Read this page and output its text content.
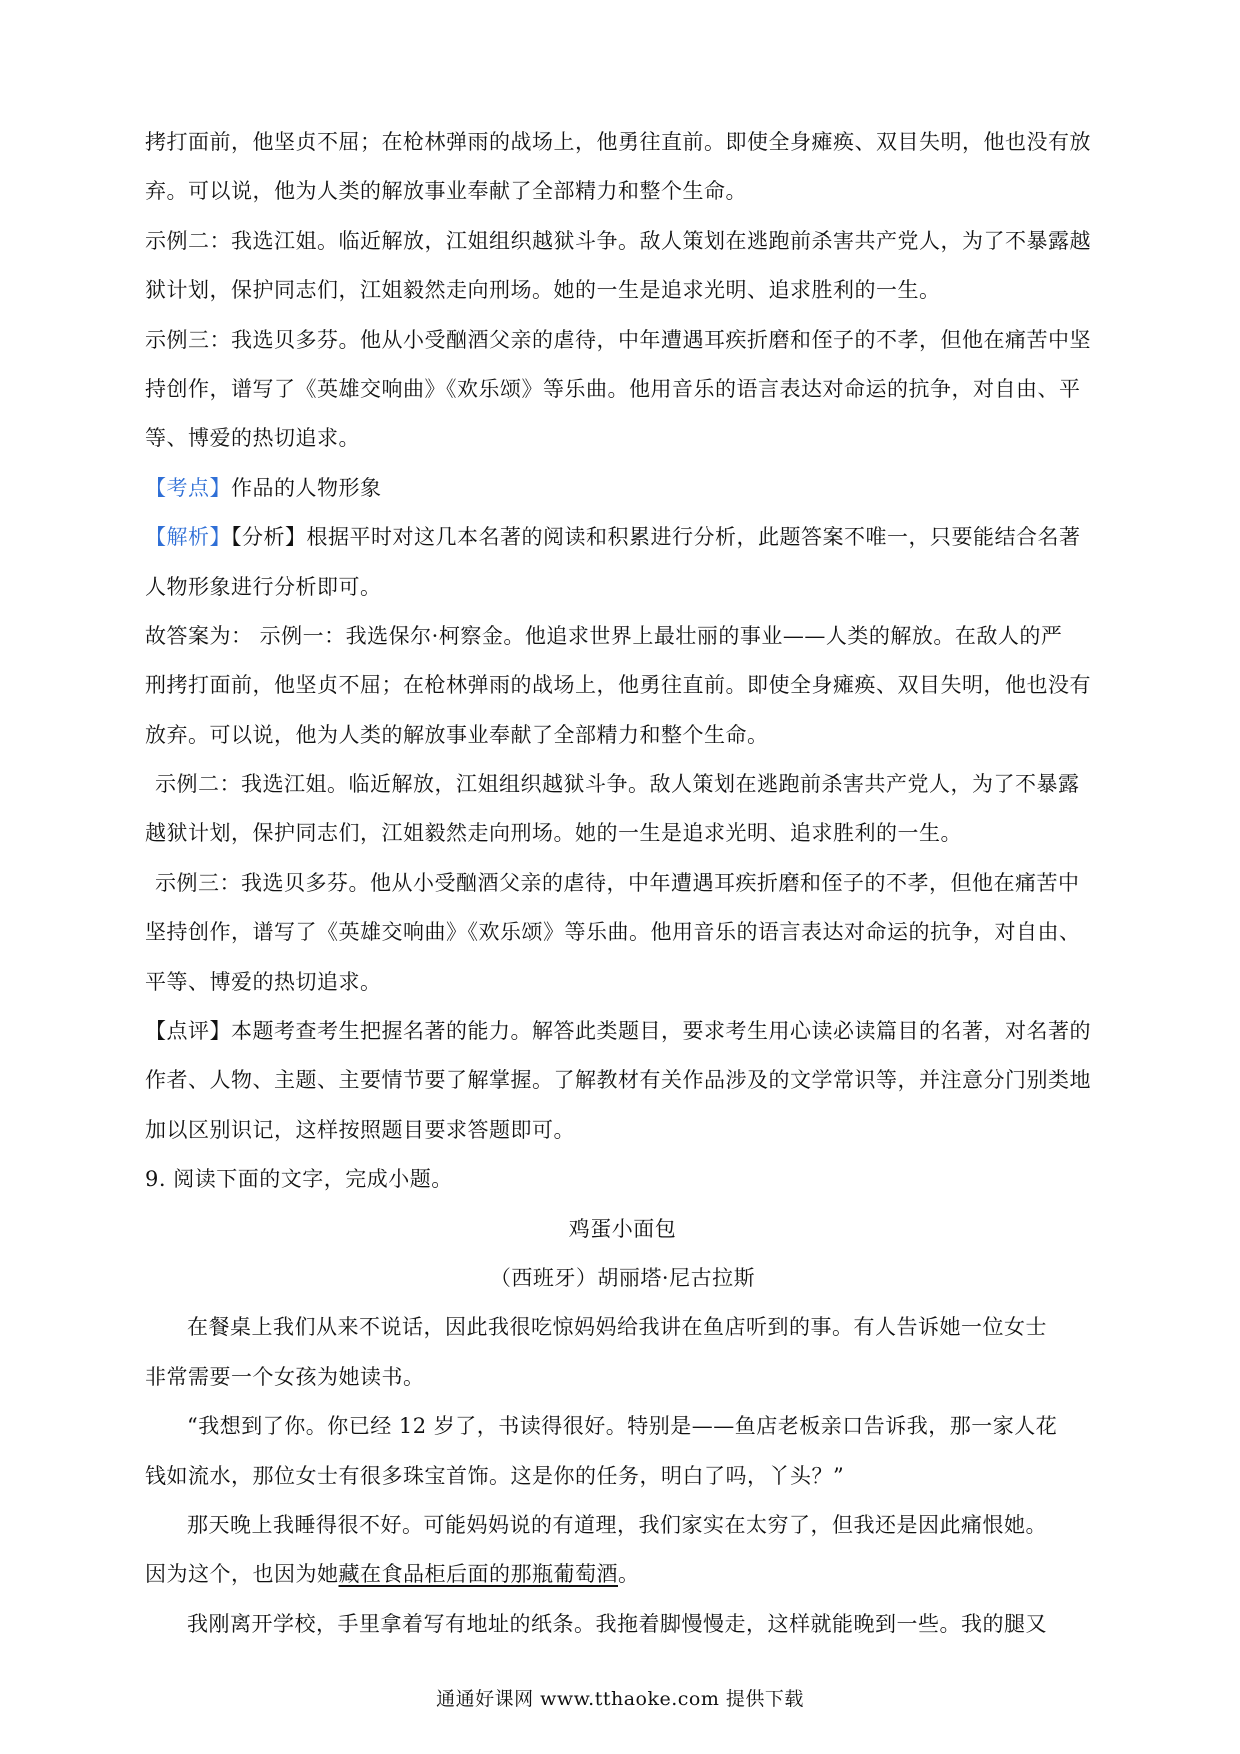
拷打面前，他坚贞不屈；在枪林弹雨的战场上，他勇往直前。即使全身瘫痪、双目失明，他也没有放
弃。可以说，他为人类的解放事业奉献了全部精力和整个生命。
示例二：我选江姐。临近解放，江姐组织越狱斗争。敌人策划在逃跑前杀害共产党人，为了不暴露越
狱计划，保护同志们，江姐毅然走向刑场。她的一生是追求光明、追求胜利的一生。
示例三：我选贝多芬。他从小受酗酒父亲的虐待，中年遭遇耳疾折磨和侄子的不孝，但他在痛苦中坚
持创作，谱写了《英雄交响曲》《欢乐颂》等乐曲。他用音乐的语言表达对命运的抗争，对自由、平
等、博爱的热切追求。
【考点】作品的人物形象
【解析】【分析】根据平时对这几本名著的阅读和积累进行分析，此题答案不唯一，只要能结合名著
人物形象进行分析即可。
故答案为： 示例一：我选保尔·柯察金。他追求世界上最壮丽的事业——人类的解放。在敌人的严
刑拷打面前，他坚贞不屈；在枪林弹雨的战场上，他勇往直前。即使全身瘫痪、双目失明，他也没有
放弃。可以说，他为人类的解放事业奉献了全部精力和整个生命。
示例二：我选江姐。临近解放，江姐组织越狱斗争。敌人策划在逃跑前杀害共产党人，为了不暴露
越狱计划，保护同志们，江姐毅然走向刑场。她的一生是追求光明、追求胜利的一生。
示例三：我选贝多芬。他从小受酗酒父亲的虐待，中年遭遇耳疾折磨和侄子的不孝，但他在痛苦中
坚持创作，谱写了《英雄交响曲》《欢乐颂》等乐曲。他用音乐的语言表达对命运的抗争，对自由、
平等、博爱的热切追求。
【点评】本题考查考生把握名著的能力。解答此类题目，要求考生用心读必读篇目的名著，对名著的
作者、人物、主题、主要情节要了解掌握。了解教材有关作品涉及的文学常识等，并注意分门别类地
加以区别识记，这样按照题目要求答题即可。
9. 阅读下面的文字，完成小题。
鸡蛋小面包
（西班牙）胡丽塔·尼古拉斯
在餐桌上我们从来不说话，因此我很吃惊妈妈给我讲在鱼店听到的事。有人告诉她一位女士
非常需要一个女孩为她读书。
“我想到了你。你已经 12 岁了，书读得很好。特别是——鱼店老板亲口告诉我，那一家人花
钱如流水，那位女士有很多珠宝首饰。这是你的任务，明白了吗，丫头？”
那天晚上我睡得很不好。可能妈妈说的有道理，我们家实在太穷了，但我还是因此痛恨她。
因为这个，也因为她藏在食品柜后面的那瓶葡萄酒。
我刚离开学校，手里拿着写有地址的纸条。我拖着脚慢慢走，这样就能晚到一些。我的腿又
通通好课网 www.tthaoke.com 提供下载
